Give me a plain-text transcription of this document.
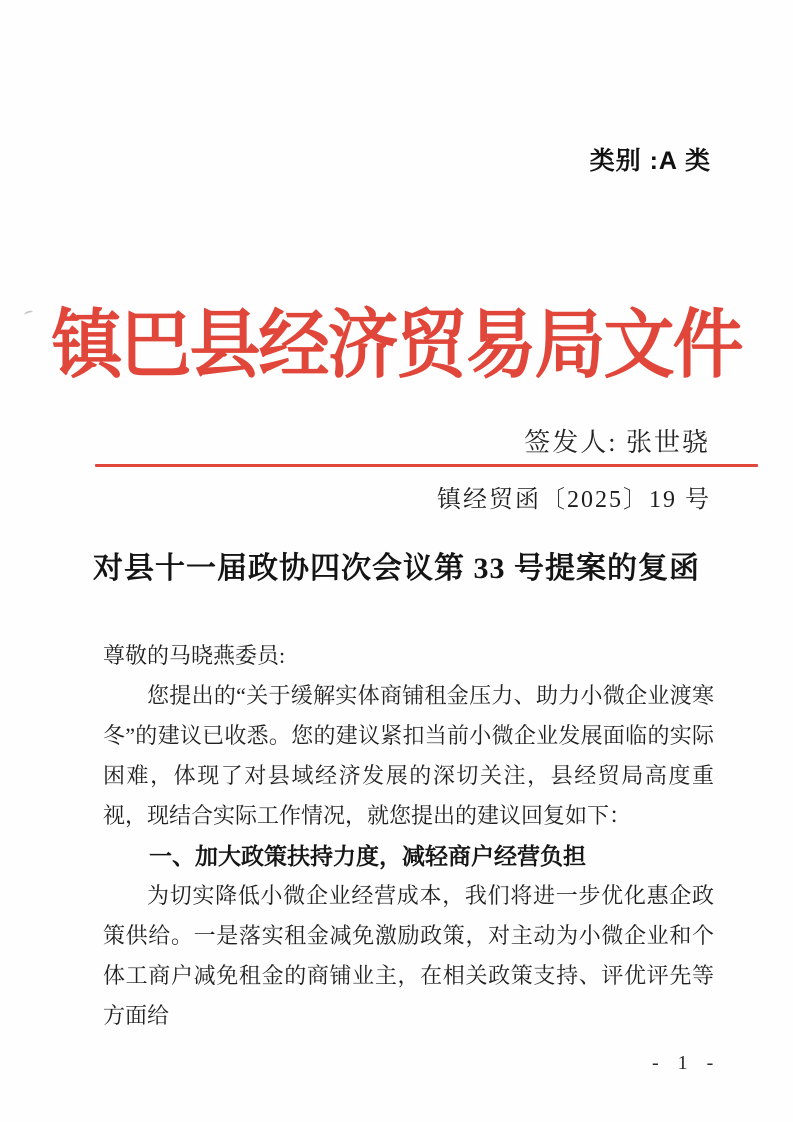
类别 :A 类
镇巴县经济贸易局文件
签发人: 张世骁
镇经贸函〔2025〕19 号
对县十一届政协四次会议第 33 号提案的复函

尊敬的马晓燕委员:

您提出的“关于缓解实体商铺租金压力、助力小微企业渡寒冬”的建议已收悉。您的建议紧扣当前小微企业发展面临的实际困难，体现了对县域经济发展的深切关注，县经贸局高度重视，现结合实际工作情况，就您提出的建议回复如下：

一、加大政策扶持力度，减轻商户经营负担

为切实降低小微企业经营成本，我们将进一步优化惠企政策供给。一是落实租金减免激励政策，对主动为小微企业和个体工商户减免租金的商铺业主，在相关政策支持、评优评先等方面给

- 1 -
